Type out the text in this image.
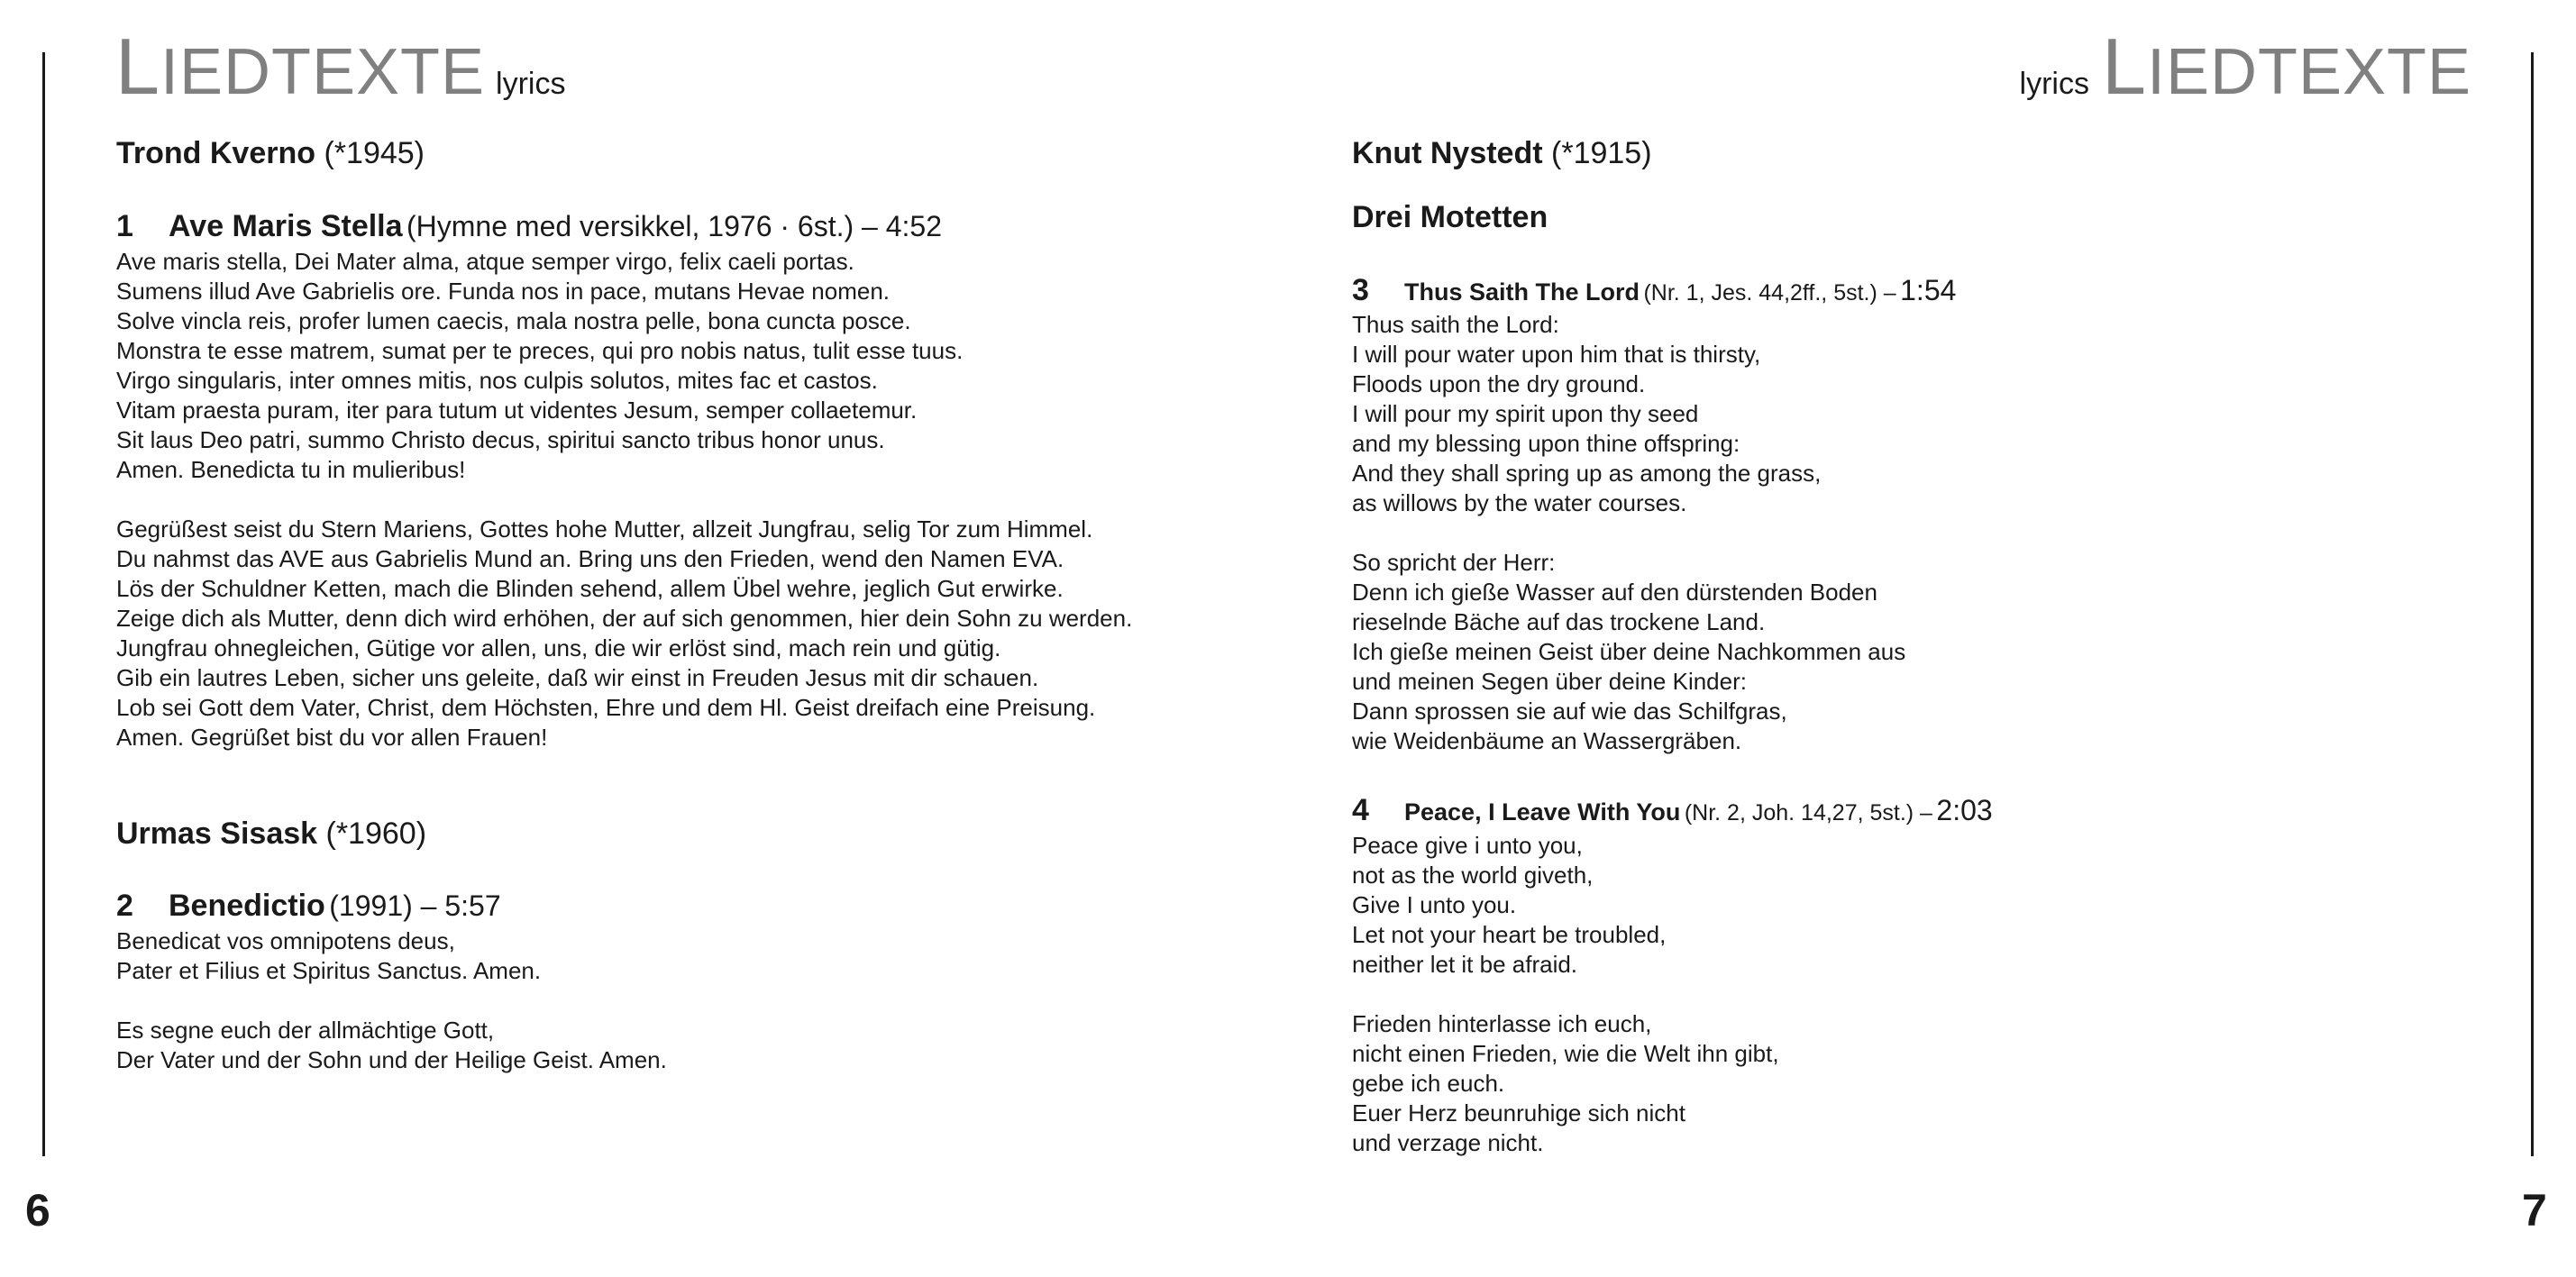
6	7
LIEDTEXTE lyrics	lyrics LIEDTEXTE

Trond Kverno (*1945)

1 Ave Maris Stella (Hymne med versikkel, 1976 · 6st.) – 4:52
Ave maris stella, Dei Mater alma, atque semper virgo, felix caeli portas.
Sumens illud Ave Gabrielis ore. Funda nos in pace, mutans Hevae nomen.
Solve vincla reis, profer lumen caecis, mala nostra pelle, bona cuncta posce.
Monstra te esse matrem, sumat per te preces, qui pro nobis natus, tulit esse tuus.
Virgo singularis, inter omnes mitis, nos culpis solutos, mites fac et castos.
Vitam praesta puram, iter para tutum ut videntes Jesum, semper collaetemur.
Sit laus Deo patri, summo Christo decus, spiritui sancto tribus honor unus.
Amen. Benedicta tu in mulieribus!
Gegrüßest seist du Stern Mariens, Gottes hohe Mutter, allzeit Jungfrau, selig Tor zum Himmel.
Du nahmst das AVE aus Gabrielis Mund an. Bring uns den Frieden, wend den Namen EVA.
Lös der Schuldner Ketten, mach die Blinden sehend, allem Übel wehre, jeglich Gut erwirke.
Zeige dich als Mutter, denn dich wird erhöhen, der auf sich genommen, hier dein Sohn zu werden.
Jungfrau ohnegleichen, Gütige vor allen, uns, die wir erlöst sind, mach rein und gütig.
Gib ein lautres Leben, sicher uns geleite, daß wir einst in Freuden Jesus mit dir schauen.
Lob sei Gott dem Vater, Christ, dem Höchsten, Ehre und dem Hl. Geist dreifach eine Preisung.
Amen. Gegrüßet bist du vor allen Frauen!

Urmas Sisask (*1960)

2 Benedictio (1991) – 5:57
Benedicat vos omnipotens deus,
Pater et Filius et Spiritus Sanctus. Amen.
Es segne euch der allmächtige Gott,
Der Vater und der Sohn und der Heilige Geist. Amen.

Knut Nystedt (*1915)

Drei Motetten

3 Thus Saith The Lord (Nr. 1, Jes. 44,2ff., 5st.) – 1:54
Thus saith the Lord:
I will pour water upon him that is thirsty,
Floods upon the dry ground.
I will pour my spirit upon thy seed
and my blessing upon thine offspring:
And they shall spring up as among the grass,
as willows by the water courses.
So spricht der Herr:
Denn ich gieße Wasser auf den dürstenden Boden
rieselnde Bäche auf das trockene Land.
Ich gieße meinen Geist über deine Nachkommen aus
und meinen Segen über deine Kinder:
Dann sprossen sie auf wie das Schilfgras,
wie Weidenbäume an Wassergräben.
4 Peace, I Leave With You (Nr. 2, Joh. 14,27, 5st.) – 2:03
Peace give i unto you,
not as the world giveth,
Give I unto you.
Let not your heart be troubled,
neither let it be afraid.
Frieden hinterlasse ich euch,
nicht einen Frieden, wie die Welt ihn gibt,
gebe ich euch.
Euer Herz beunruhige sich nicht
und verzage nicht.
